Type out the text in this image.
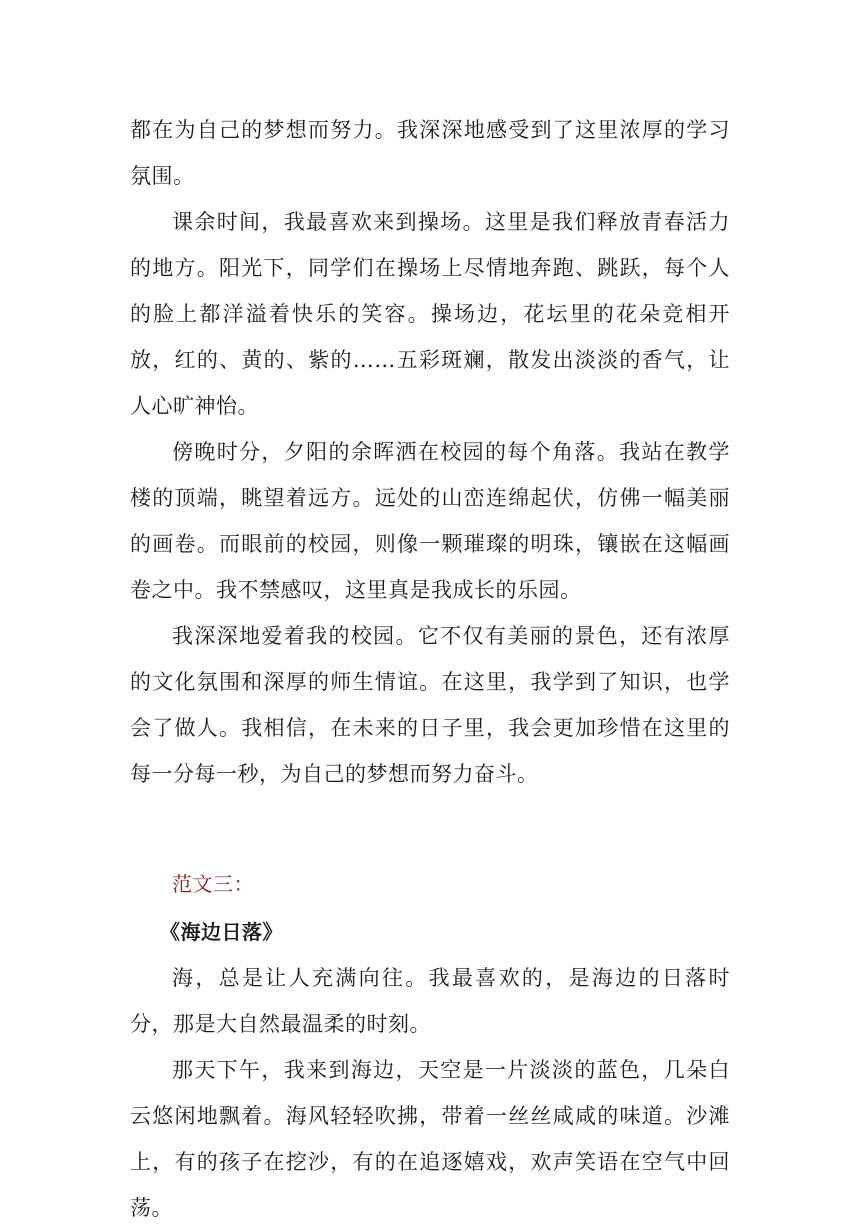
都在为自己的梦想而努力。我深深地感受到了这里浓厚的学习氛围。

课余时间，我最喜欢来到操场。这里是我们释放青春活力的地方。阳光下，同学们在操场上尽情地奔跑、跳跃，每个人的脸上都洋溢着快乐的笑容。操场边，花坛里的花朵竞相开放，红的、黄的、紫的……五彩斑斓，散发出淡淡的香气，让人心旷神怡。

傍晚时分，夕阳的余晖洒在校园的每个角落。我站在教学楼的顶端，眺望着远方。远处的山峦连绵起伏，仿佛一幅美丽的画卷。而眼前的校园，则像一颗璀璨的明珠，镶嵌在这幅画卷之中。我不禁感叹，这里真是我成长的乐园。

我深深地爱着我的校园。它不仅有美丽的景色，还有浓厚的文化氛围和深厚的师生情谊。在这里，我学到了知识，也学会了做人。我相信，在未来的日子里，我会更加珍惜在这里的每一分每一秒，为自己的梦想而努力奋斗。

范文三：

《海边日落》

海，总是让人充满向往。我最喜欢的，是海边的日落时分，那是大自然最温柔的时刻。

那天下午，我来到海边，天空是一片淡淡的蓝色，几朵白云悠闲地飘着。海风轻轻吹拂，带着一丝丝咸咸的味道。沙滩上，有的孩子在挖沙，有的在追逐嬉戏，欢声笑语在空气中回荡。
